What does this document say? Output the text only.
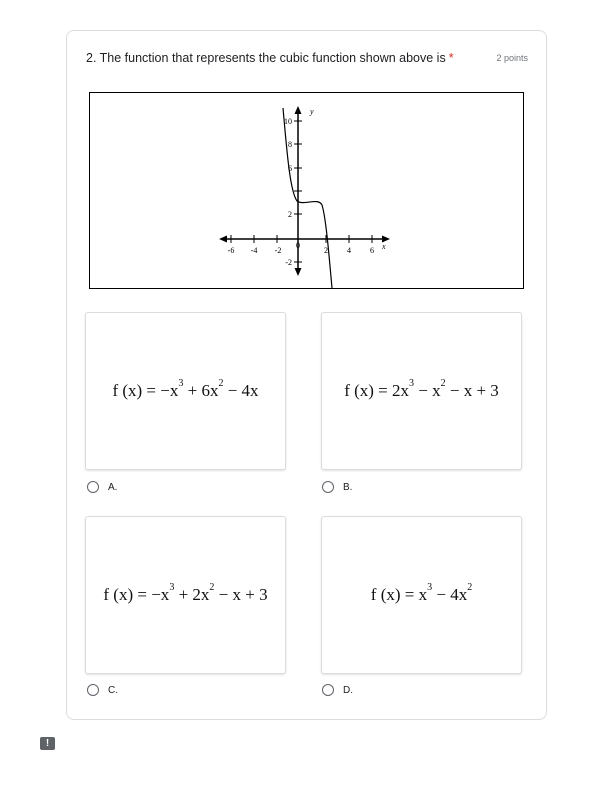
2. The function that represents the cubic function shown above is *	2 points
-6 -4 -2
0
2 4 6
10
8
6
2
-2
x
y
f $(x) = -x^3 + 6x^2 - 4x$
A.
f $(x) = 2x^3 - x^2 - x + 3$
B.
f $(x) = -x^3 + 2x^2 - x + 3$
C.
f $(x) = x^3 - 4x^2$
D.
!
